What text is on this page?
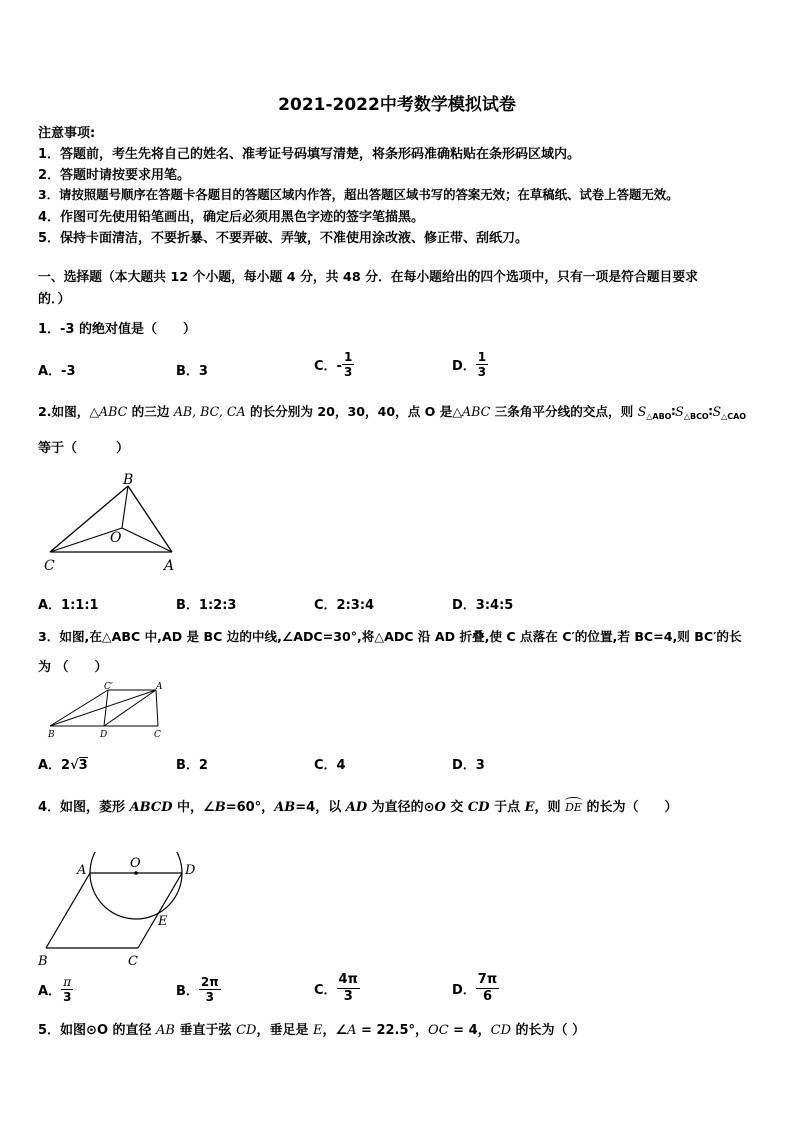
2021-2022中考数学模拟试卷
注意事项:
1．答题前，考生先将自己的姓名、准考证号码填写清楚，将条形码准确粘贴在条形码区域内。
2．答题时请按要求用笔。
3．请按照题号顺序在答题卡各题目的答题区域内作答，超出答题区域书写的答案无效；在草稿纸、试卷上答题无效。
4．作图可先使用铅笔画出，确定后必须用黑色字迹的签字笔描黑。
5．保持卡面清洁，不要折暴、不要弄破、弄皱，不准使用涂改液、修正带、刮纸刀。
一、选择题（本大题共 12 个小题，每小题 4 分，共 48 分．在每小题给出的四个选项中，只有一项是符合题目要求
的．）
1．-3 的绝对值是（　　）
A．-3	B．3	C．- $\frac{1}{3}$	D． $\frac{1}{3}$
2.如图，△ABC 的三边 AB, BC, CA 的长分别为 20，30，40，点 O 是△ABC 三条角平分线的交点，则 $S_{\triangle ABO}∶S_{\triangle BCO}∶S_{\triangle CAO}$
等于（　　　）
B
O
C	A
A．1:1:1	B．1:2:3	C．2:3:4	D．3:4:5
3．如图,在△ABC 中,AD 是 BC 边的中线,∠ADC=30°,将△ADC 沿 AD 折叠,使 C 点落在 C′的位置,若 BC=4,则 BC′的长
为 （　　）
C′	A
B	D	C
A．2√3	B．2	C．4	D．3
4．如图，菱形 ABCD 中，∠B=60°，AB=4，以 AD 为直径的⊙O 交 CD 于点 E，则
DE 的长为（　　）
O
A	D
E
B	C
A． $\frac{\pi}{3}$	B． $\frac{2\pi}{3}$	C． $\frac{4\pi}{3}$	D． $\frac{7\pi}{6}$
5．如图⊙O 的直径 AB 垂直于弦 CD，垂足是 E，∠A = 22.5°，OC = 4，CD 的长为（ ）
